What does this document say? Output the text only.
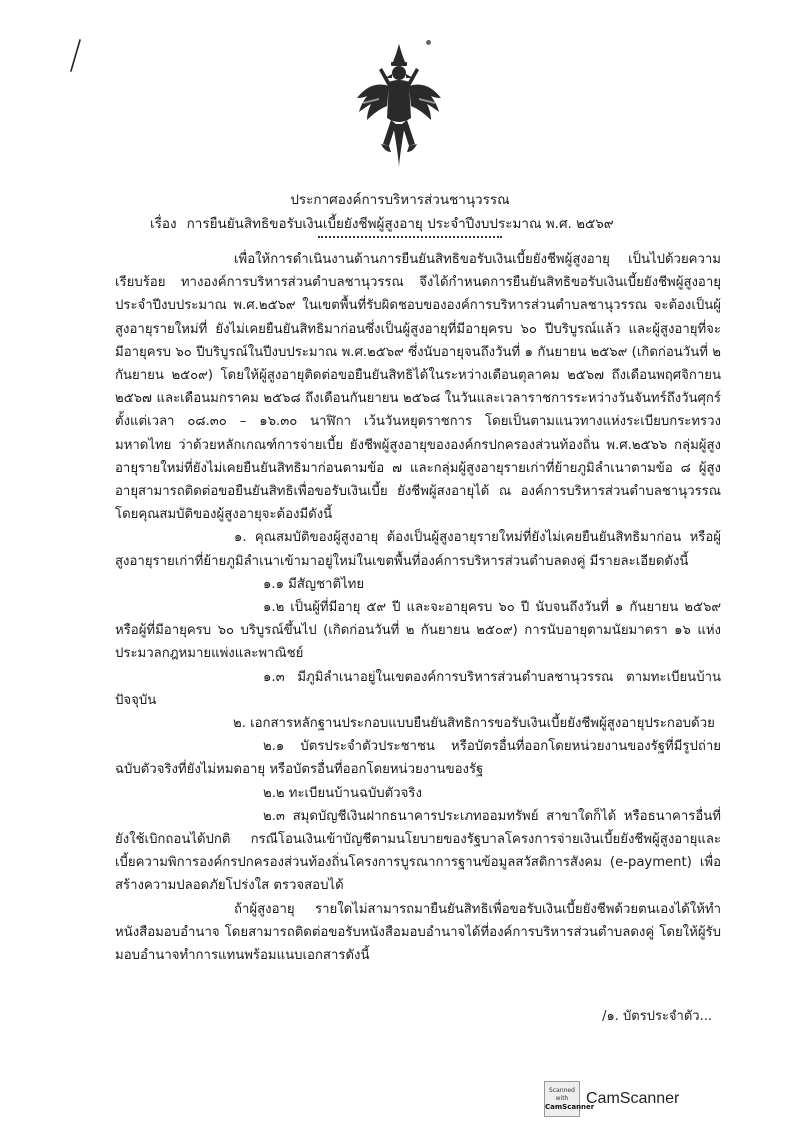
ประกาศองค์การบริหารส่วนชานุวรรณ
เรื่อง การยืนยันสิทธิขอรับเงินเบี้ยยังชีพผู้สูงอายุ ประจำปีงบประมาณ พ.ศ. ๒๕๖๙

เพื่อให้การดำเนินงานด้านการยืนยันสิทธิขอรับเงินเบี้ยยังชีพผู้สูงอายุ เป็นไปด้วยความเรียบร้อย ทางองค์การบริหารส่วนตำบลชานุวรรณ จึงได้กำหนดการยืนยันสิทธิขอรับเงินเบี้ยยังชีพผู้สูงอายุประจำปีงบประมาณ พ.ศ.๒๕๖๙ ในเขตพื้นที่รับผิดชอบขององค์การบริหารส่วนตำบลชานุวรรณ จะต้องเป็นผู้สูงอายุรายใหม่ที่ ยังไม่เคยยืนยันสิทธิมาก่อนซึ่งเป็นผู้สูงอายุที่มีอายุครบ ๖๐ ปีบริบูรณ์แล้ว และผู้สูงอายุที่จะมีอายุครบ ๖๐ ปีบริบูรณ์ในปีงบประมาณ พ.ศ.๒๕๖๙ ซึ่งนับอายุจนถึงวันที่ ๑ กันยายน ๒๕๖๙ (เกิดก่อนวันที่ ๒ กันยายน ๒๕๐๙) โดยให้ผู้สูงอายุติดต่อขอยืนยันสิทธิได้ในระหว่างเดือนตุลาคม ๒๕๖๗ ถึงเดือนพฤศจิกายน ๒๕๖๗ และเดือนมกราคม ๒๕๖๘ ถึงเดือนกันยายน ๒๕๖๘ ในวันและเวลาราชการระหว่างวันจันทร์ถึงวันศุกร์ ตั้งแต่เวลา ๐๘.๓๐ – ๑๖.๓๐ นาฬิกา เว้นวันหยุดราชการ โดยเป็นตามแนวทางแห่งระเบียบกระทรวงมหาดไทย ว่าด้วยหลักเกณฑ์การจ่ายเบี้ย ยังชีพผู้สูงอายุขององค์กรปกครองส่วนท้องถิ่น พ.ศ.๒๕๖๖ กลุ่มผู้สูงอายุรายใหม่ที่ยังไม่เคยยืนยันสิทธิมาก่อนตามข้อ ๗ และกลุ่มผู้สูงอายุรายเก่าที่ย้ายภูมิลำเนาตามข้อ ๘ ผู้สูงอายุสามารถติดต่อขอยืนยันสิทธิเพื่อขอรับเงินเบี้ย ยังชีพผู้สงอายุได้ ณ องค์การบริหารส่วนตำบลชานุวรรณ โดยคุณสมบัติของผู้สูงอายุจะต้องมีดังนี้

๑. คุณสมบัติของผู้สูงอายุ ต้องเป็นผู้สูงอายุรายใหม่ที่ยังไม่เคยยืนยันสิทธิมาก่อน หรือผู้สูงอายุรายเก่าที่ย้ายภูมิลำเนาเข้ามาอยู่ใหม่ในเขตพื้นที่องค์การบริหารส่วนตำบลดงคู่ มีรายละเอียดดังนี้

๑.๑ มีสัญชาติไทย

๑.๒ เป็นผู้ที่มีอายุ ๕๙ ปี และจะอายุครบ ๖๐ ปี นับจนถึงวันที่ ๑ กันยายน ๒๕๖๙ หรือผู้ที่มีอายุครบ ๖๐ บริบูรณ์ขึ้นไป (เกิดก่อนวันที่ ๒ กันยายน ๒๕๐๙) การนับอายุตามนัยมาตรา ๑๖ แห่งประมวลกฎหมายแพ่งและพาณิชย์

๑.๓ มีภูมิลำเนาอยู่ในเขตองค์การบริหารส่วนตำบลชานุวรรณ ตามทะเบียนบ้านปัจจุบัน

๒. เอกสารหลักฐานประกอบแบบยืนยันสิทธิการขอรับเงินเบี้ยยังชีพผู้สูงอายุประกอบด้วย

๒.๑ บัตรประจำตัวประชาชน หรือบัตรอื่นที่ออกโดยหน่วยงานของรัฐที่มีรูปถ่ายฉบับตัวจริงที่ยังไม่หมดอายุ หรือบัตรอื่นที่ออกโดยหน่วยงานของรัฐ

๒.๒ ทะเบียนบ้านฉบับตัวจริง

๒.๓ สมุดบัญชีเงินฝากธนาคารประเภทออมทรัพย์ สาขาใดก็ได้ หรือธนาคารอื่นที่ยังใช้เบิกถอนได้ปกติ กรณีโอนเงินเข้าบัญชีตามนโยบายของรัฐบาลโครงการจ่ายเงินเบี้ยยังชีพผู้สูงอายุและเบี้ยความพิการองค์กรปกครองส่วนท้องถิ่นโครงการบูรณาการฐานข้อมูลสวัสดิการสังคม (e-payment) เพื่อสร้างความปลอดภัยโปร่งใส ตรวจสอบได้

ถ้าผู้สูงอายุ รายใดไม่สามารถมายืนยันสิทธิเพื่อขอรับเงินเบี้ยยังชีพด้วยตนเองได้ให้ทำหนังสือมอบอำนาจ โดยสามารถติดต่อขอรับหนังสือมอบอำนาจได้ที่องค์การบริหารส่วนตำบลดงคู่ โดยให้ผู้รับมอบอำนาจทำการแทนพร้อมแนบเอกสารดังนี้

/๑. บัตรประจำตัว...
Scanned with
CamScanner
CamScanner
